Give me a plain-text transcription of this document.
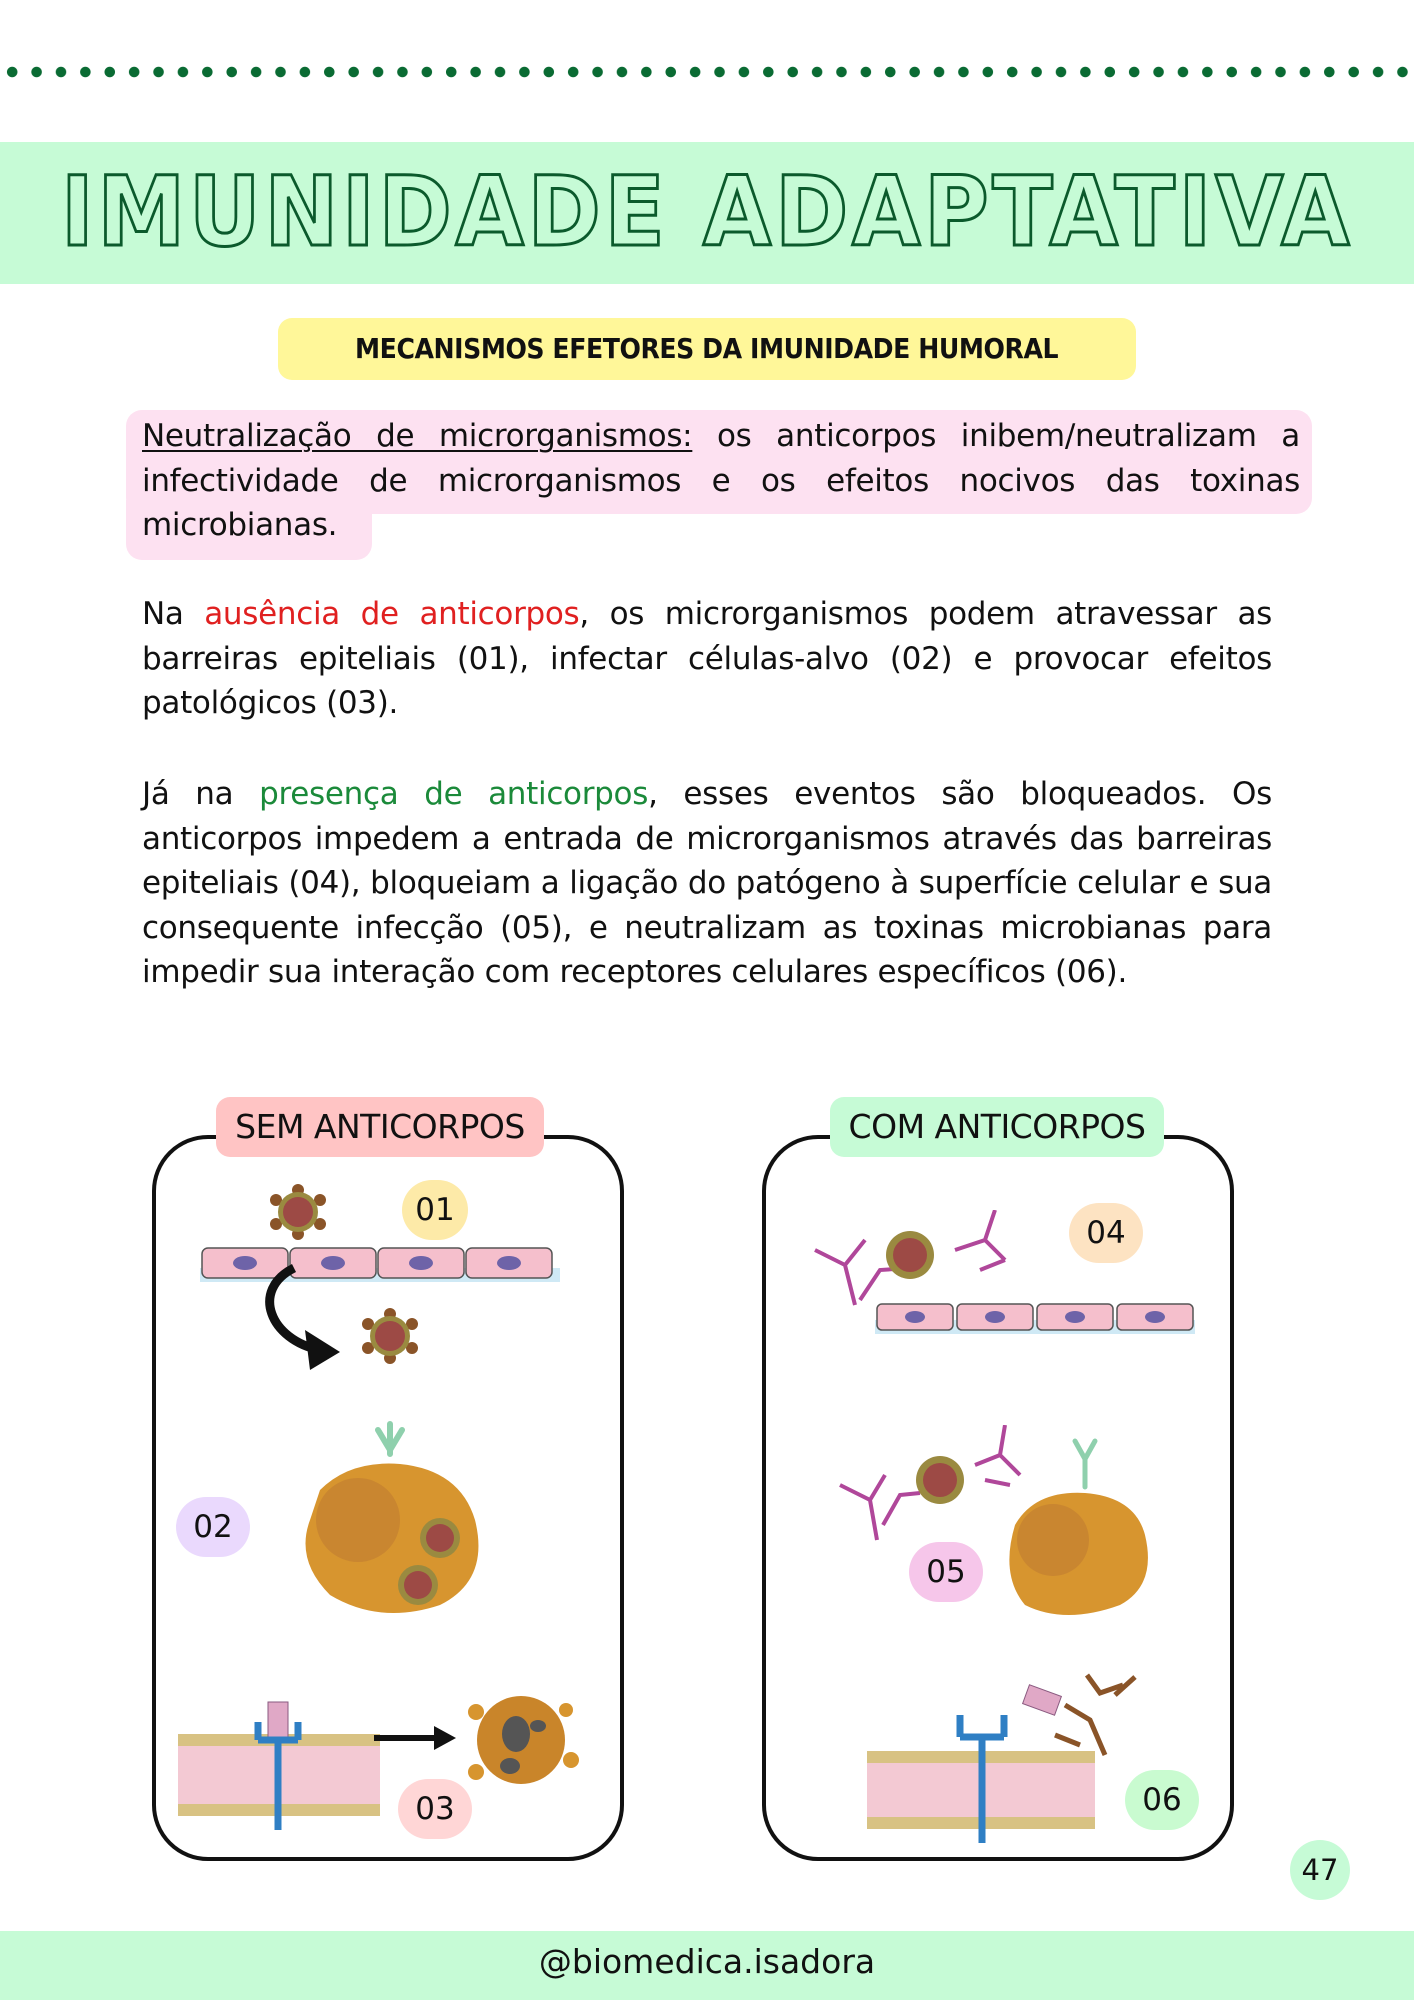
IMUNIDADE ADAPTATIVA
MECANISMOS EFETORES DA IMUNIDADE HUMORAL
Neutralização de microrganismos: os anticorpos inibem/neutralizam a infectividade de microrganismos e os efeitos nocivos das toxinas microbianas.
Na ausência de anticorpos, os microrganismos podem atravessar as barreiras epiteliais (01), infectar células-alvo (02) e provocar efeitos patológicos (03).
Já na presença de anticorpos, esses eventos são bloqueados. Os anticorpos impedem a entrada de microrganismos através das barreiras epiteliais (04), bloqueiam a ligação do patógeno à superfície celular e sua consequente infecção (05), e neutralizam as toxinas microbianas para impedir sua interação com receptores celulares específicos (06).
SEM ANTICORPOS
01
02
03
COM ANTICORPOS
04
05
06
47
@biomedica.isadora
